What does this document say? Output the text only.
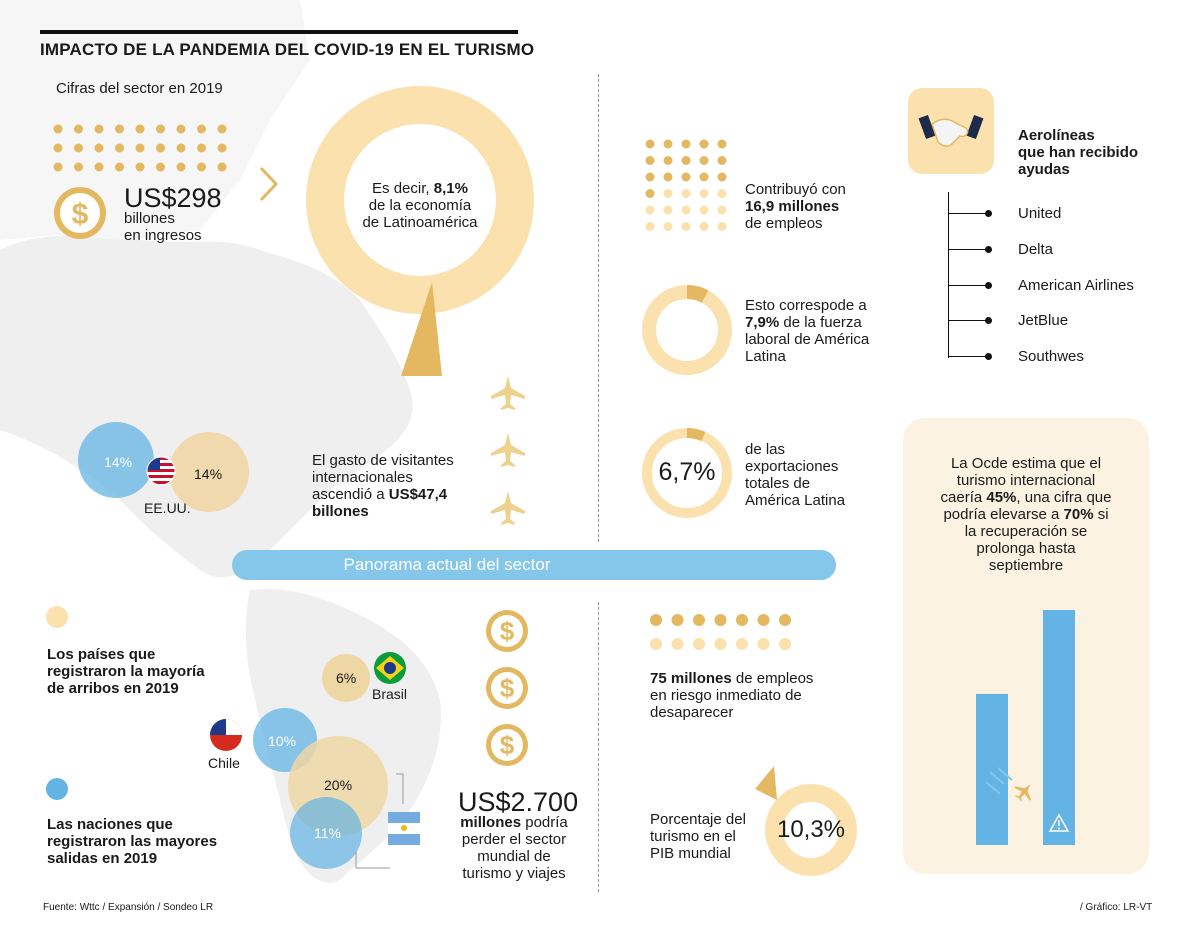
IMPACTO DE LA PANDEMIA DEL COVID-19 EN EL TURISMO
Cifras del sector en 2019
$ US$298
billones
en ingresos
Es decir, 8,1%
de la economía
de Latinoamérica
14%
14%
EE.UU.
El gasto de visitantes
internacionales
ascendió a US$47,4
billones
Contribuyó con
16,9 millones
de empleos
Esto correspode a
7,9% de la fuerza
laboral de América
Latina
6,7%
de las
exportaciones
totales de
América Latina
Aerolíneas
que han recibido
ayudas
United
Delta
American Airlines
JetBlue
Southwes
Panorama actual del sector
Los países que
registraron la mayoría
de arribos en 2019
Las naciones que
registraron las mayores
salidas en 2019
6%
Brasil
10%
Chile
20%
11%
$
$
$
US$2.700
millones podría
perder el sector
mundial de
turismo y viajes
75 millones de empleos
en riesgo inmediato de
desaparecer
Porcentaje del
turismo en el
PIB mundial
10,3%
La Ocde estima que el
turismo internacional
caería 45%, una cifra que
podría elevarse a 70% si
la recuperación se
prolonga hasta
septiembre
Fuente: Wttc / Expansión / Sondeo LR	/ Gráfico: LR-VT
